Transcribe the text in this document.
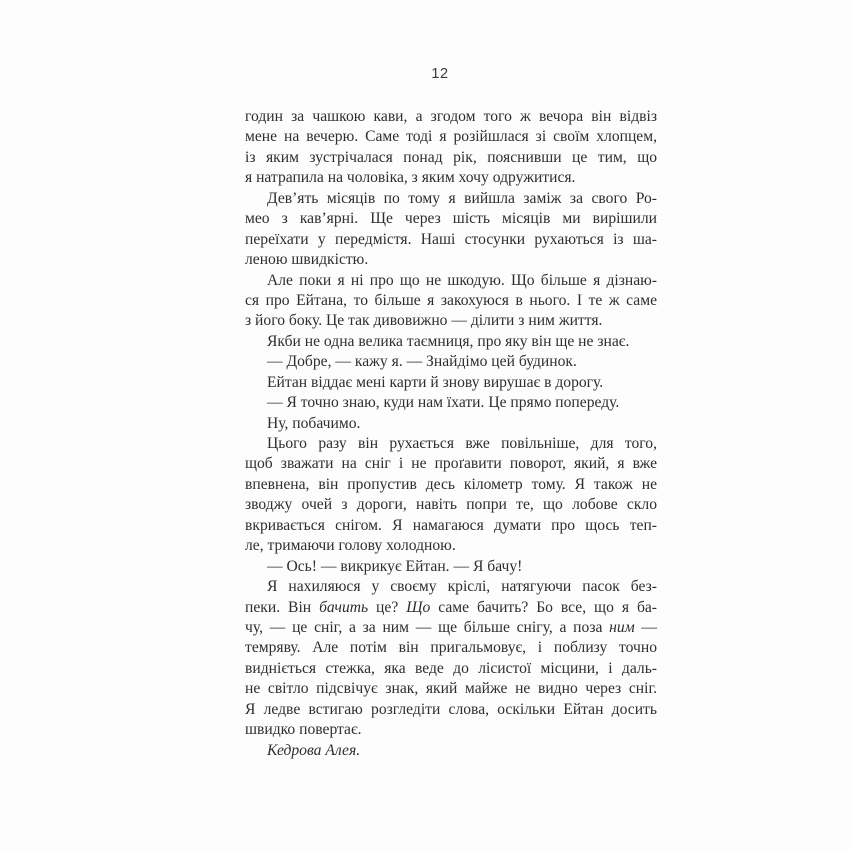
12
годин за чашкою кави, а згодом того ж вечора він відвіз
мене на вечерю. Саме тоді я розійшлася зі своїм хлопцем,
із яким зустрічалася понад рік, пояснивши це тим, що
я натрапила на чоловіка, з яким хочу одружитися.
Дев’ять місяців по тому я вийшла заміж за свого Ро-
мео з кав’ярні. Ще через шість місяців ми вирішили
переїхати у передмістя. Наші стосунки рухаються із ша-
леною швидкістю.
Але поки я ні про що не шкодую. Що більше я дізнаю-
ся про Ейтана, то більше я закохуюся в нього. І те ж саме
з його боку. Це так дивовижно — ділити з ним життя.
Якби не одна велика таємниця, про яку він ще не знає.
— Добре, — кажу я. — Знайдімо цей будинок.
Ейтан віддає мені карти й знову вирушає в дорогу.
— Я точно знаю, куди нам їхати. Це прямо попереду.
Ну, побачимо.
Цього разу він рухається вже повільніше, для того,
щоб зважати на сніг і не проґавити поворот, який, я вже
впевнена, він пропустив десь кілометр тому. Я також не
зводжу очей з дороги, навіть попри те, що лобове скло
вкривається снігом. Я намагаюся думати про щось теп-
ле, тримаючи голову холодною.
— Ось! — викрикує Ейтан. — Я бачу!
Я нахиляюся у своєму кріслі, натягуючи пасок без-
пеки. Він бачить це? Що саме бачить? Бо все, що я ба-
чу, — це сніг, а за ним — ще більше снігу, а поза ним —
темряву. Але потім він пригальмовує, і поблизу точно
видніється стежка, яка веде до лісистої місцини, і даль-
не світло підсвічує знак, який майже не видно через сніг.
Я ледве встигаю розгледіти слова, оскільки Ейтан досить
швидко повертає.
Кедрова Алея.
